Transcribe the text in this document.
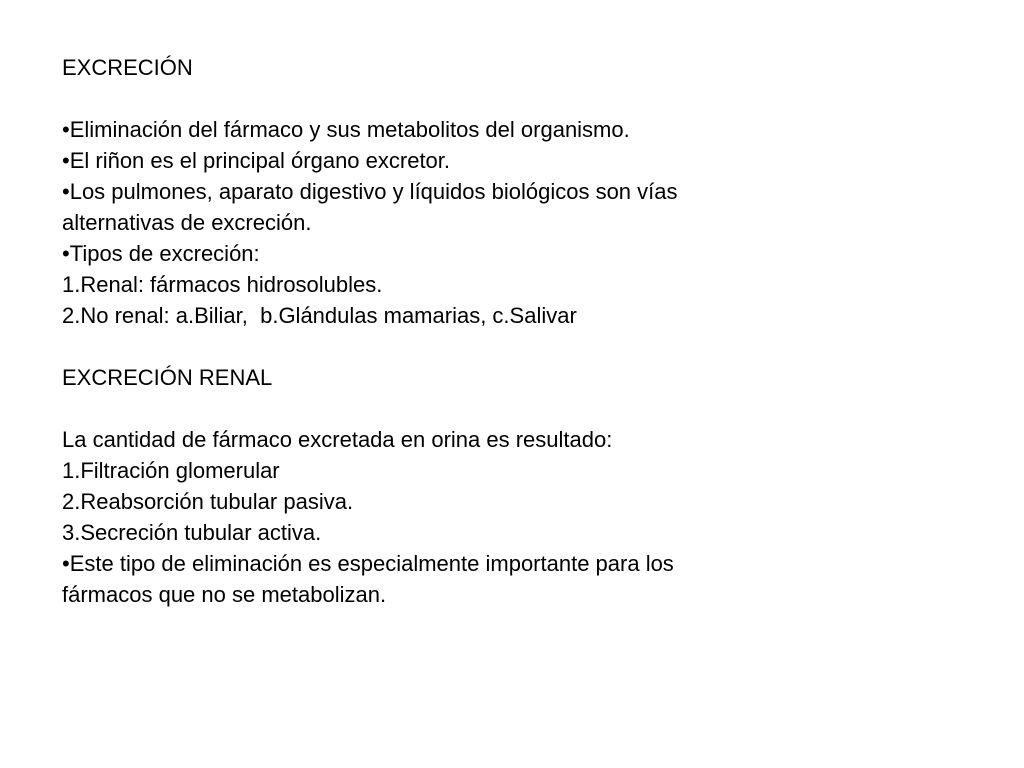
EXCRECIÓN
•Eliminación del fármaco y sus metabolitos del organismo.
•El riñon es el principal órgano excretor.
•Los pulmones, aparato digestivo y líquidos biológicos son vías
alternativas de excreción.
•Tipos de excreción:
1.Renal: fármacos hidrosolubles.
2.No renal: a.Biliar,  b.Glándulas mamarias, c.Salivar
EXCRECIÓN RENAL
La cantidad de fármaco excretada en orina es resultado:
1.Filtración glomerular
2.Reabsorción tubular pasiva.
3.Secreción tubular activa.
•Este tipo de eliminación es especialmente importante para los
fármacos que no se metabolizan.
